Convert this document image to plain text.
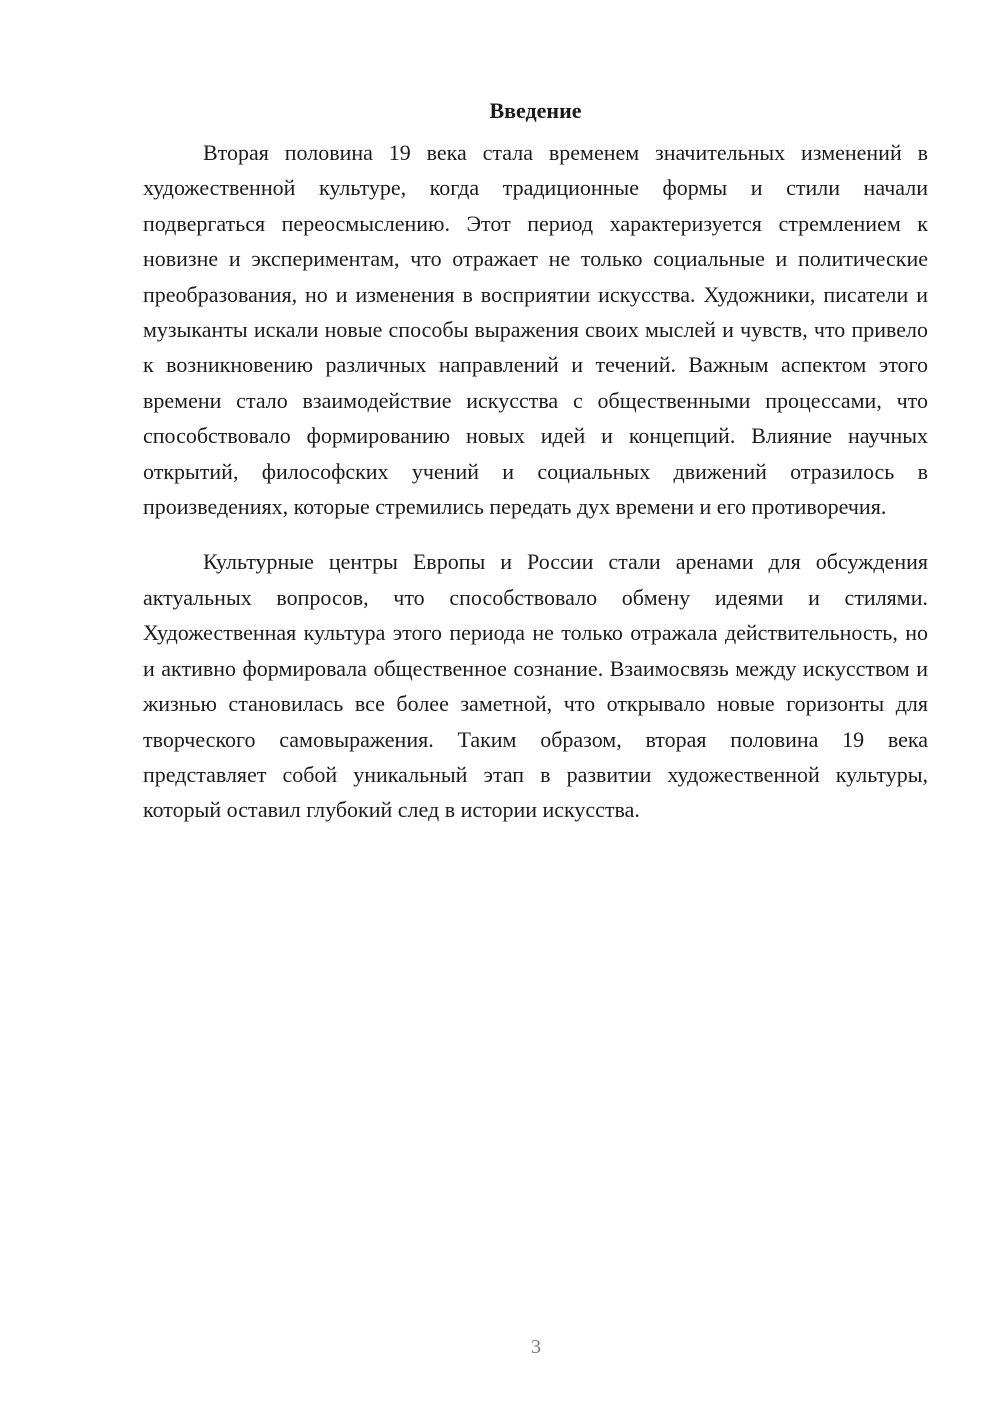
Введение

Вторая половина 19 века стала временем значительных изменений в художественной культуре, когда традиционные формы и стили начали подвергаться переосмыслению. Этот период характеризуется стремлением к новизне и экспериментам, что отражает не только социальные и политические преобразования, но и изменения в восприятии искусства. Художники, писатели и музыканты искали новые способы выражения своих мыслей и чувств, что привело к возникновению различных направлений и течений. Важным аспектом этого времени стало взаимодействие искусства с общественными процессами, что способствовало формированию новых идей и концепций. Влияние научных открытий, философских учений и социальных движений отразилось в произведениях, которые стремились передать дух времени и его противоречия.

Культурные центры Европы и России стали аренами для обсуждения актуальных вопросов, что способствовало обмену идеями и стилями. Художественная культура этого периода не только отражала действительность, но и активно формировала общественное сознание. Взаимосвязь между искусством и жизнью становилась все более заметной, что открывало новые горизонты для творческого самовыражения. Таким образом, вторая половина 19 века представляет собой уникальный этап в развитии художественной культуры, который оставил глубокий след в истории искусства.

3
